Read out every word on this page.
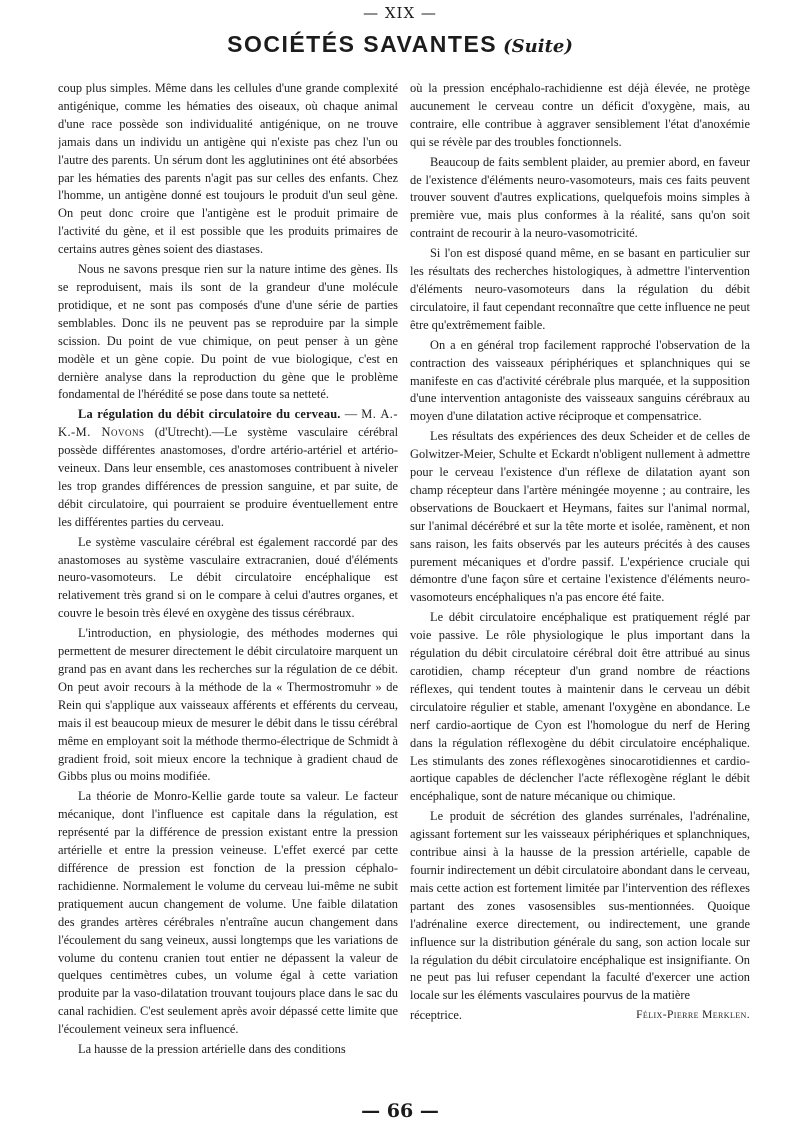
— XIX —

SOCIÉTÉS SAVANTES (Suite)

coup plus simples. Même dans les cellules d'une grande complexité antigénique, comme les hématies des oiseaux, où chaque animal d'une race possède son individualité antigénique, on ne trouve jamais dans un individu un antigène qui n'existe pas chez l'un ou l'autre des parents. Un sérum dont les agglutinines ont été absorbées par les hématies des parents n'agit pas sur celles des enfants. Chez l'homme, un antigène donné est toujours le produit d'un seul gène. On peut donc croire que l'antigène est le produit primaire de l'activité du gène, et il est possible que les produits primaires de certains autres gènes soient des diastases.

Nous ne savons presque rien sur la nature intime des gènes. Ils se reproduisent, mais ils sont de la grandeur d'une molécule protidique, et ne sont pas composés d'une d'une série de parties semblables. Donc ils ne peuvent pas se reproduire par la simple scission. Du point de vue chimique, on peut penser à un gène modèle et un gène copie. Du point de vue biologique, c'est en dernière analyse dans la reproduction du gène que le problème fondamental de l'hérédité se pose dans toute sa netteté.

La régulation du débit circulatoire du cerveau. — M. A.-K.-M. Novons (d'Utrecht).—Le système vasculaire cérébral possède différentes anastomoses, d'ordre artério-artériel et artério-veineux. Dans leur ensemble, ces anastomoses contribuent à niveler les trop grandes différences de pression sanguine, et par suite, de débit circulatoire, qui pourraient se produire éventuellement entre les différentes parties du cerveau.

Le système vasculaire cérébral est également raccordé par des anastomoses au système vasculaire extracranien, doué d'éléments neuro-vasomoteurs. Le débit circulatoire encéphalique est relativement très grand si on le compare à celui d'autres organes, et couvre le besoin très élevé en oxygène des tissus cérébraux.

L'introduction, en physiologie, des méthodes modernes qui permettent de mesurer directement le débit circulatoire marquent un grand pas en avant dans les recherches sur la régulation de ce débit. On peut avoir recours à la méthode de la « Thermostromuhr » de Rein qui s'applique aux vaisseaux afférents et efférents du cerveau, mais il est beaucoup mieux de mesurer le débit dans le tissu cérébral même en employant soit la méthode thermo-électrique de Schmidt à gradient froid, soit mieux encore la technique à gradient chaud de Gibbs plus ou moins modifiée.

La théorie de Monro-Kellie garde toute sa valeur. Le facteur mécanique, dont l'influence est capitale dans la régulation, est représenté par la différence de pression existant entre la pression artérielle et entre la pression veineuse. L'effet exercé par cette différence de pression est fonction de la pression céphalo-rachidienne. Normalement le volume du cerveau lui-même ne subit pratiquement aucun changement de volume. Une faible dilatation des grandes artères cérébrales n'entraîne aucun changement dans l'écoulement du sang veineux, aussi longtemps que les variations de volume du contenu cranien tout entier ne dépassent la valeur de quelques centimètres cubes, un volume égal à cette variation produite par la vaso-dilatation trouvant toujours place dans le sac du canal rachidien. C'est seulement après avoir dépassé cette limite que l'écoulement veineux sera influencé.

La hausse de la pression artérielle dans des conditions

où la pression encéphalo-rachidienne est déjà élevée, ne protège aucunement le cerveau contre un déficit d'oxygène, mais, au contraire, elle contribue à aggraver sensiblement l'état d'anoxémie qui se révèle par des troubles fonctionnels.

Beaucoup de faits semblent plaider, au premier abord, en faveur de l'existence d'éléments neuro-vasomoteurs, mais ces faits peuvent trouver souvent d'autres explications, quelquefois moins simples à première vue, mais plus conformes à la réalité, sans qu'on soit contraint de recourir à la neuro-vasomotricité.

Si l'on est disposé quand même, en se basant en particulier sur les résultats des recherches histologiques, à admettre l'intervention d'éléments neuro-vasomoteurs dans la régulation du débit circulatoire, il faut cependant reconnaître que cette influence ne peut être qu'extrêmement faible.

On a en général trop facilement rapproché l'observation de la contraction des vaisseaux périphériques et splanchniques qui se manifeste en cas d'activité cérébrale plus marquée, et la supposition d'une intervention antagoniste des vaisseaux sanguins cérébraux au moyen d'une dilatation active réciproque et compensatrice.

Les résultats des expériences des deux Scheider et de celles de Golwitzer-Meier, Schulte et Eckardt n'obligent nullement à admettre pour le cerveau l'existence d'un réflexe de dilatation ayant son champ récepteur dans l'artère méningée moyenne ; au contraire, les observations de Bouckaert et Heymans, faites sur l'animal normal, sur l'animal décérébré et sur la tête morte et isolée, ramènent, et non sans raison, les faits observés par les auteurs précités à des causes purement mécaniques et d'ordre passif. L'expérience cruciale qui démontre d'une façon sûre et certaine l'existence d'éléments neuro-vasomoteurs encéphaliques n'a pas encore été faite.

Le débit circulatoire encéphalique est pratiquement réglé par voie passive. Le rôle physiologique le plus important dans la régulation du débit circulatoire cérébral doit être attribué au sinus carotidien, champ récepteur d'un grand nombre de réactions réflexes, qui tendent toutes à maintenir dans le cerveau un débit circulatoire régulier et stable, amenant l'oxygène en abondance. Le nerf cardio-aortique de Cyon est l'homologue du nerf de Hering dans la régulation réflexogène du débit circulatoire encéphalique. Les stimulants des zones réflexogènes sinocarotidiennes et cardio-aortique capables de déclencher l'acte réflexogène réglant le débit encéphalique, sont de nature mécanique ou chimique.

Le produit de sécrétion des glandes surrénales, l'adrénaline, agissant fortement sur les vaisseaux périphériques et splanchniques, contribue ainsi à la hausse de la pression artérielle, capable de fournir indirectement un débit circulatoire abondant dans le cerveau, mais cette action est fortement limitée par l'intervention des réflexes partant des zones vasosensibles sus-mentionnées. Quoique l'adrénaline exerce directement, ou indirectement, une grande influence sur la distribution générale du sang, son action locale sur la régulation du débit circulatoire encéphalique est insignifiante. On ne peut pas lui refuser cependant la faculté d'exercer une action locale sur les éléments vasculaires pourvus de la matière

réceptrice.	Félix-Pierre Merklen.

— 66 —
